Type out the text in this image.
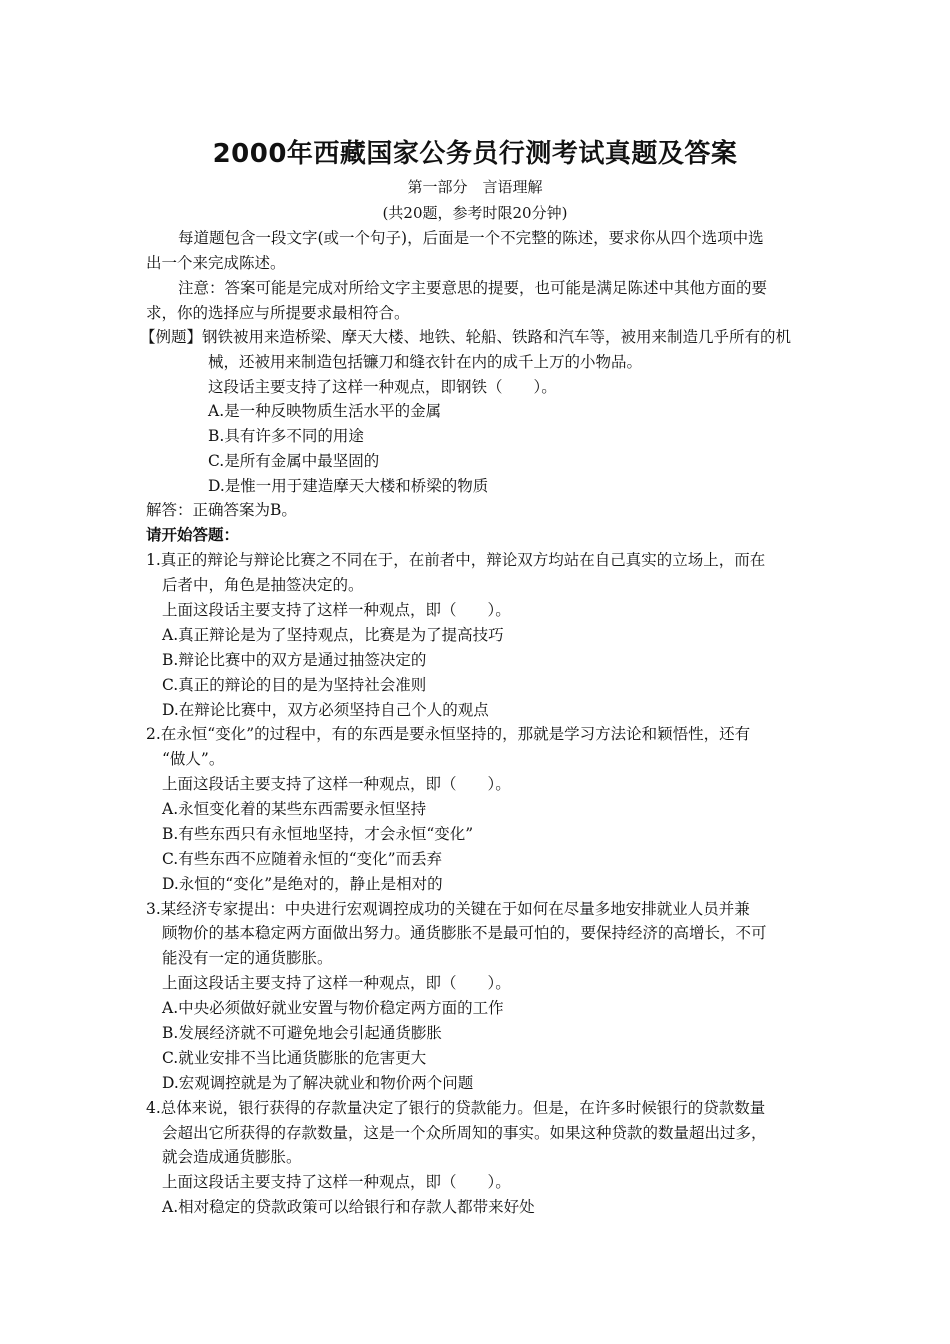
2000年西藏国家公务员行测考试真题及答案
第一部分　言语理解
(共20题，参考时限20分钟)
每道题包含一段文字(或一个句子)，后面是一个不完整的陈述，要求你从四个选项中选
出一个来完成陈述。
注意：答案可能是完成对所给文字主要意思的提要，也可能是满足陈述中其他方面的要
求，你的选择应与所提要求最相符合。
【例题】钢铁被用来造桥梁、摩天大楼、地铁、轮船、铁路和汽车等，被用来制造几乎所有的机
械，还被用来制造包括镰刀和缝衣针在内的成千上万的小物品。
这段话主要支持了这样一种观点，即钢铁（　　）。
A.是一种反映物质生活水平的金属
B.具有许多不同的用途
C.是所有金属中最坚固的
D.是惟一用于建造摩天大楼和桥梁的物质
解答：正确答案为B。
请开始答题：
1.真正的辩论与辩论比赛之不同在于，在前者中，辩论双方均站在自己真实的立场上，而在
后者中，角色是抽签决定的。
上面这段话主要支持了这样一种观点，即（　　）。
A.真正辩论是为了坚持观点，比赛是为了提高技巧
B.辩论比赛中的双方是通过抽签决定的
C.真正的辩论的目的是为坚持社会准则
D.在辩论比赛中，双方必须坚持自己个人的观点
2.在永恒“变化”的过程中，有的东西是要永恒坚持的，那就是学习方法论和颖悟性，还有
“做人”。
上面这段话主要支持了这样一种观点，即（　　）。
A.永恒变化着的某些东西需要永恒坚持
B.有些东西只有永恒地坚持，才会永恒“变化”
C.有些东西不应随着永恒的“变化”而丢弃
D.永恒的“变化”是绝对的，静止是相对的
3.某经济专家提出：中央进行宏观调控成功的关键在于如何在尽量多地安排就业人员并兼
顾物价的基本稳定两方面做出努力。通货膨胀不是最可怕的，要保持经济的高增长，不可
能没有一定的通货膨胀。
上面这段话主要支持了这样一种观点，即（　　）。
A.中央必须做好就业安置与物价稳定两方面的工作
B.发展经济就不可避免地会引起通货膨胀
C.就业安排不当比通货膨胀的危害更大
D.宏观调控就是为了解决就业和物价两个问题
4.总体来说，银行获得的存款量决定了银行的贷款能力。但是，在许多时候银行的贷款数量
会超出它所获得的存款数量，这是一个众所周知的事实。如果这种贷款的数量超出过多，
就会造成通货膨胀。
上面这段话主要支持了这样一种观点，即（　　）。
A.相对稳定的贷款政策可以给银行和存款人都带来好处
